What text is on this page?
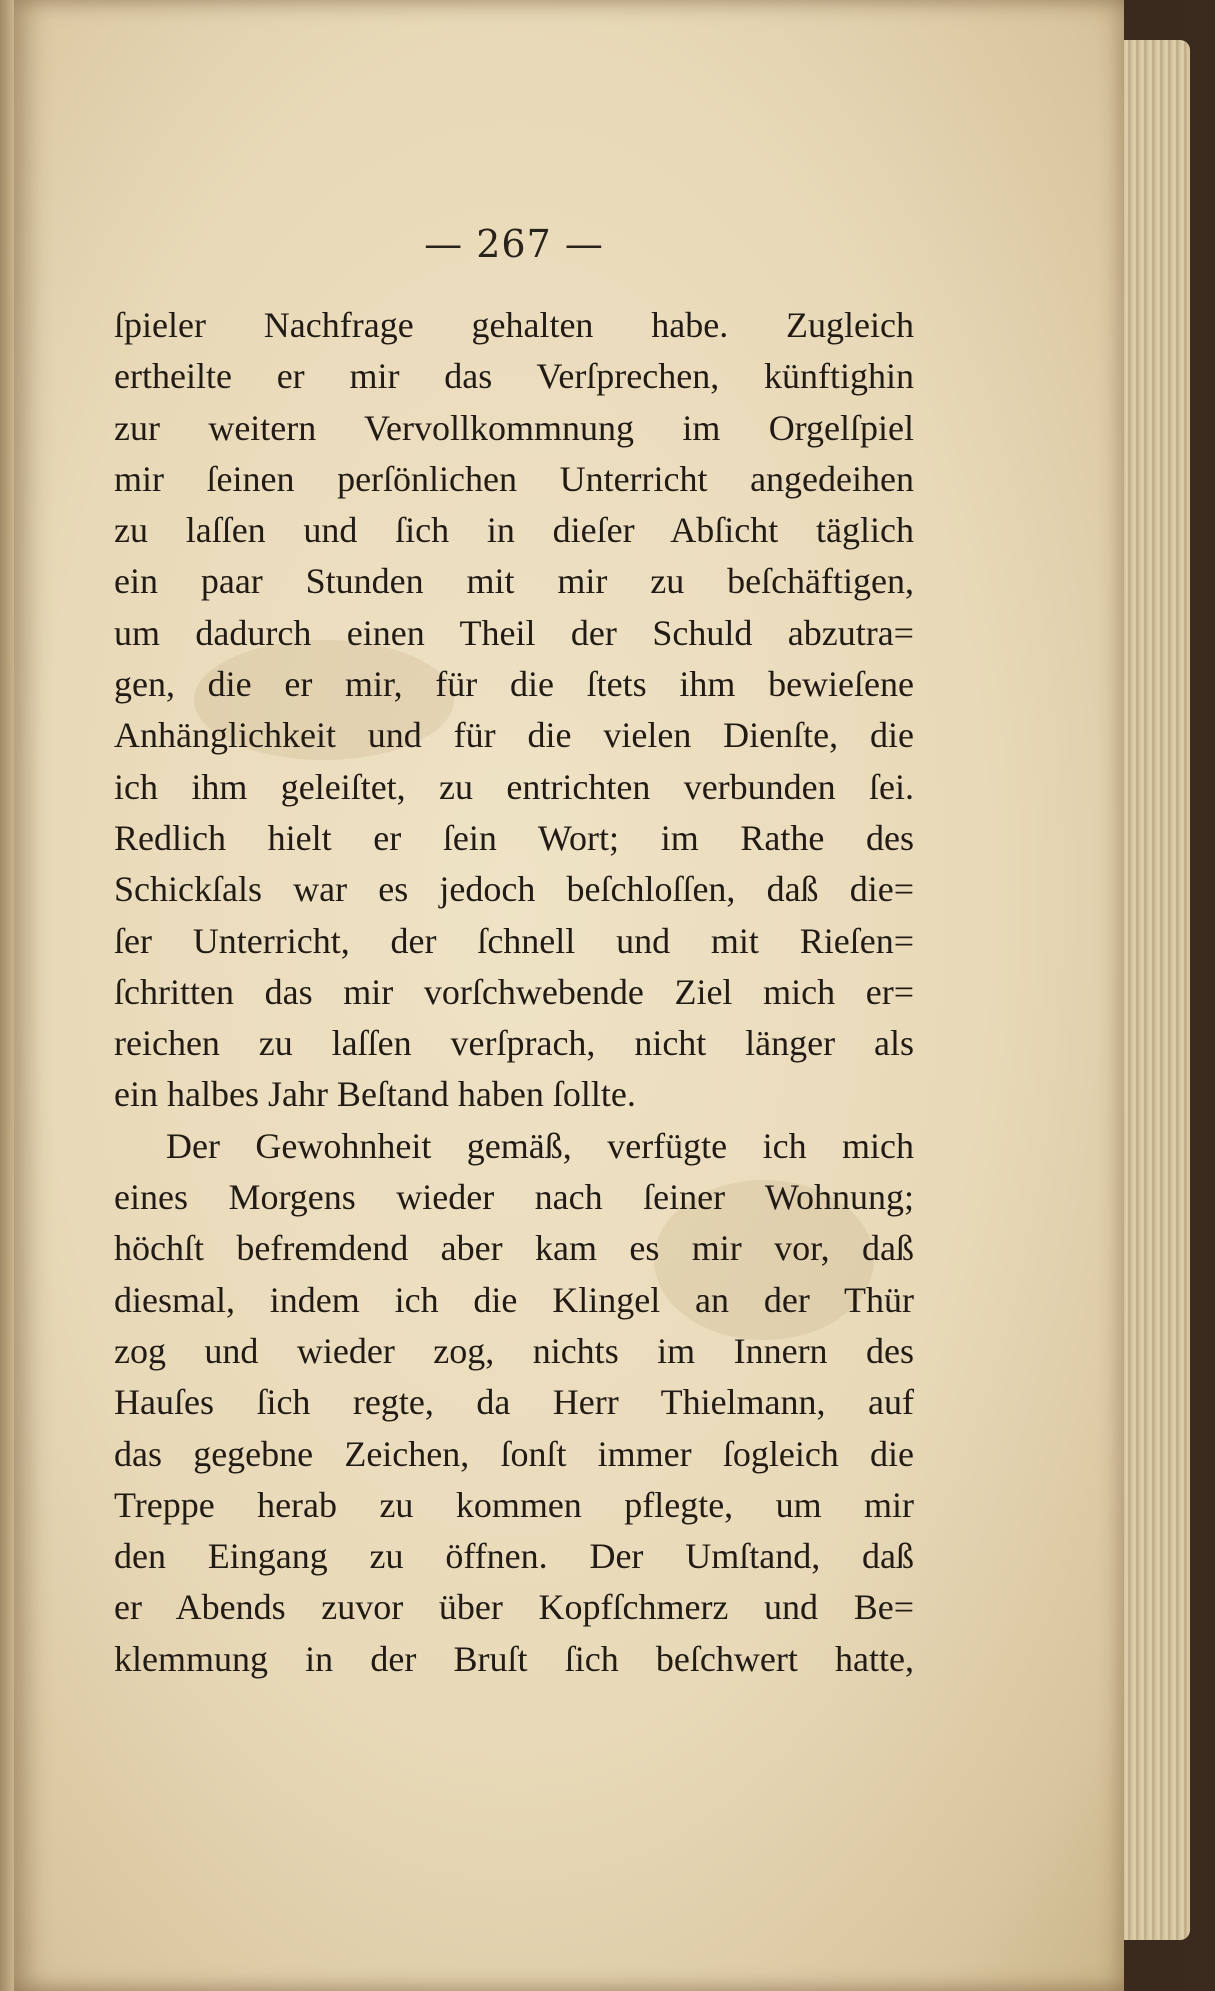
— 267 —
ſpieler Nachfrage gehalten habe. Zugleich
ertheilte er mir das Verſprechen, künftighin
zur weitern Vervollkommnung im Orgelſpiel
mir ſeinen perſönlichen Unterricht angedeihen
zu laſſen und ſich in dieſer Abſicht täglich
ein paar Stunden mit mir zu beſchäftigen,
um dadurch einen Theil der Schuld abzutra=
gen, die er mir, für die ſtets ihm bewieſene
Anhänglichkeit und für die vielen Dienſte, die
ich ihm geleiſtet, zu entrichten verbunden ſei.
Redlich hielt er ſein Wort; im Rathe des
Schickſals war es jedoch beſchloſſen, daß die=
ſer Unterricht, der ſchnell und mit Rieſen=
ſchritten das mir vorſchwebende Ziel mich er=
reichen zu laſſen verſprach, nicht länger als
ein halbes Jahr Beſtand haben ſollte.
Der Gewohnheit gemäß, verfügte ich mich
eines Morgens wieder nach ſeiner Wohnung;
höchſt befremdend aber kam es mir vor, daß
diesmal, indem ich die Klingel an der Thür
zog und wieder zog, nichts im Innern des
Hauſes ſich regte, da Herr Thielmann, auf
das gegebne Zeichen, ſonſt immer ſogleich die
Treppe herab zu kommen pflegte, um mir
den Eingang zu öffnen. Der Umſtand, daß
er Abends zuvor über Kopfſchmerz und Be=
klemmung in der Bruſt ſich beſchwert hatte,
